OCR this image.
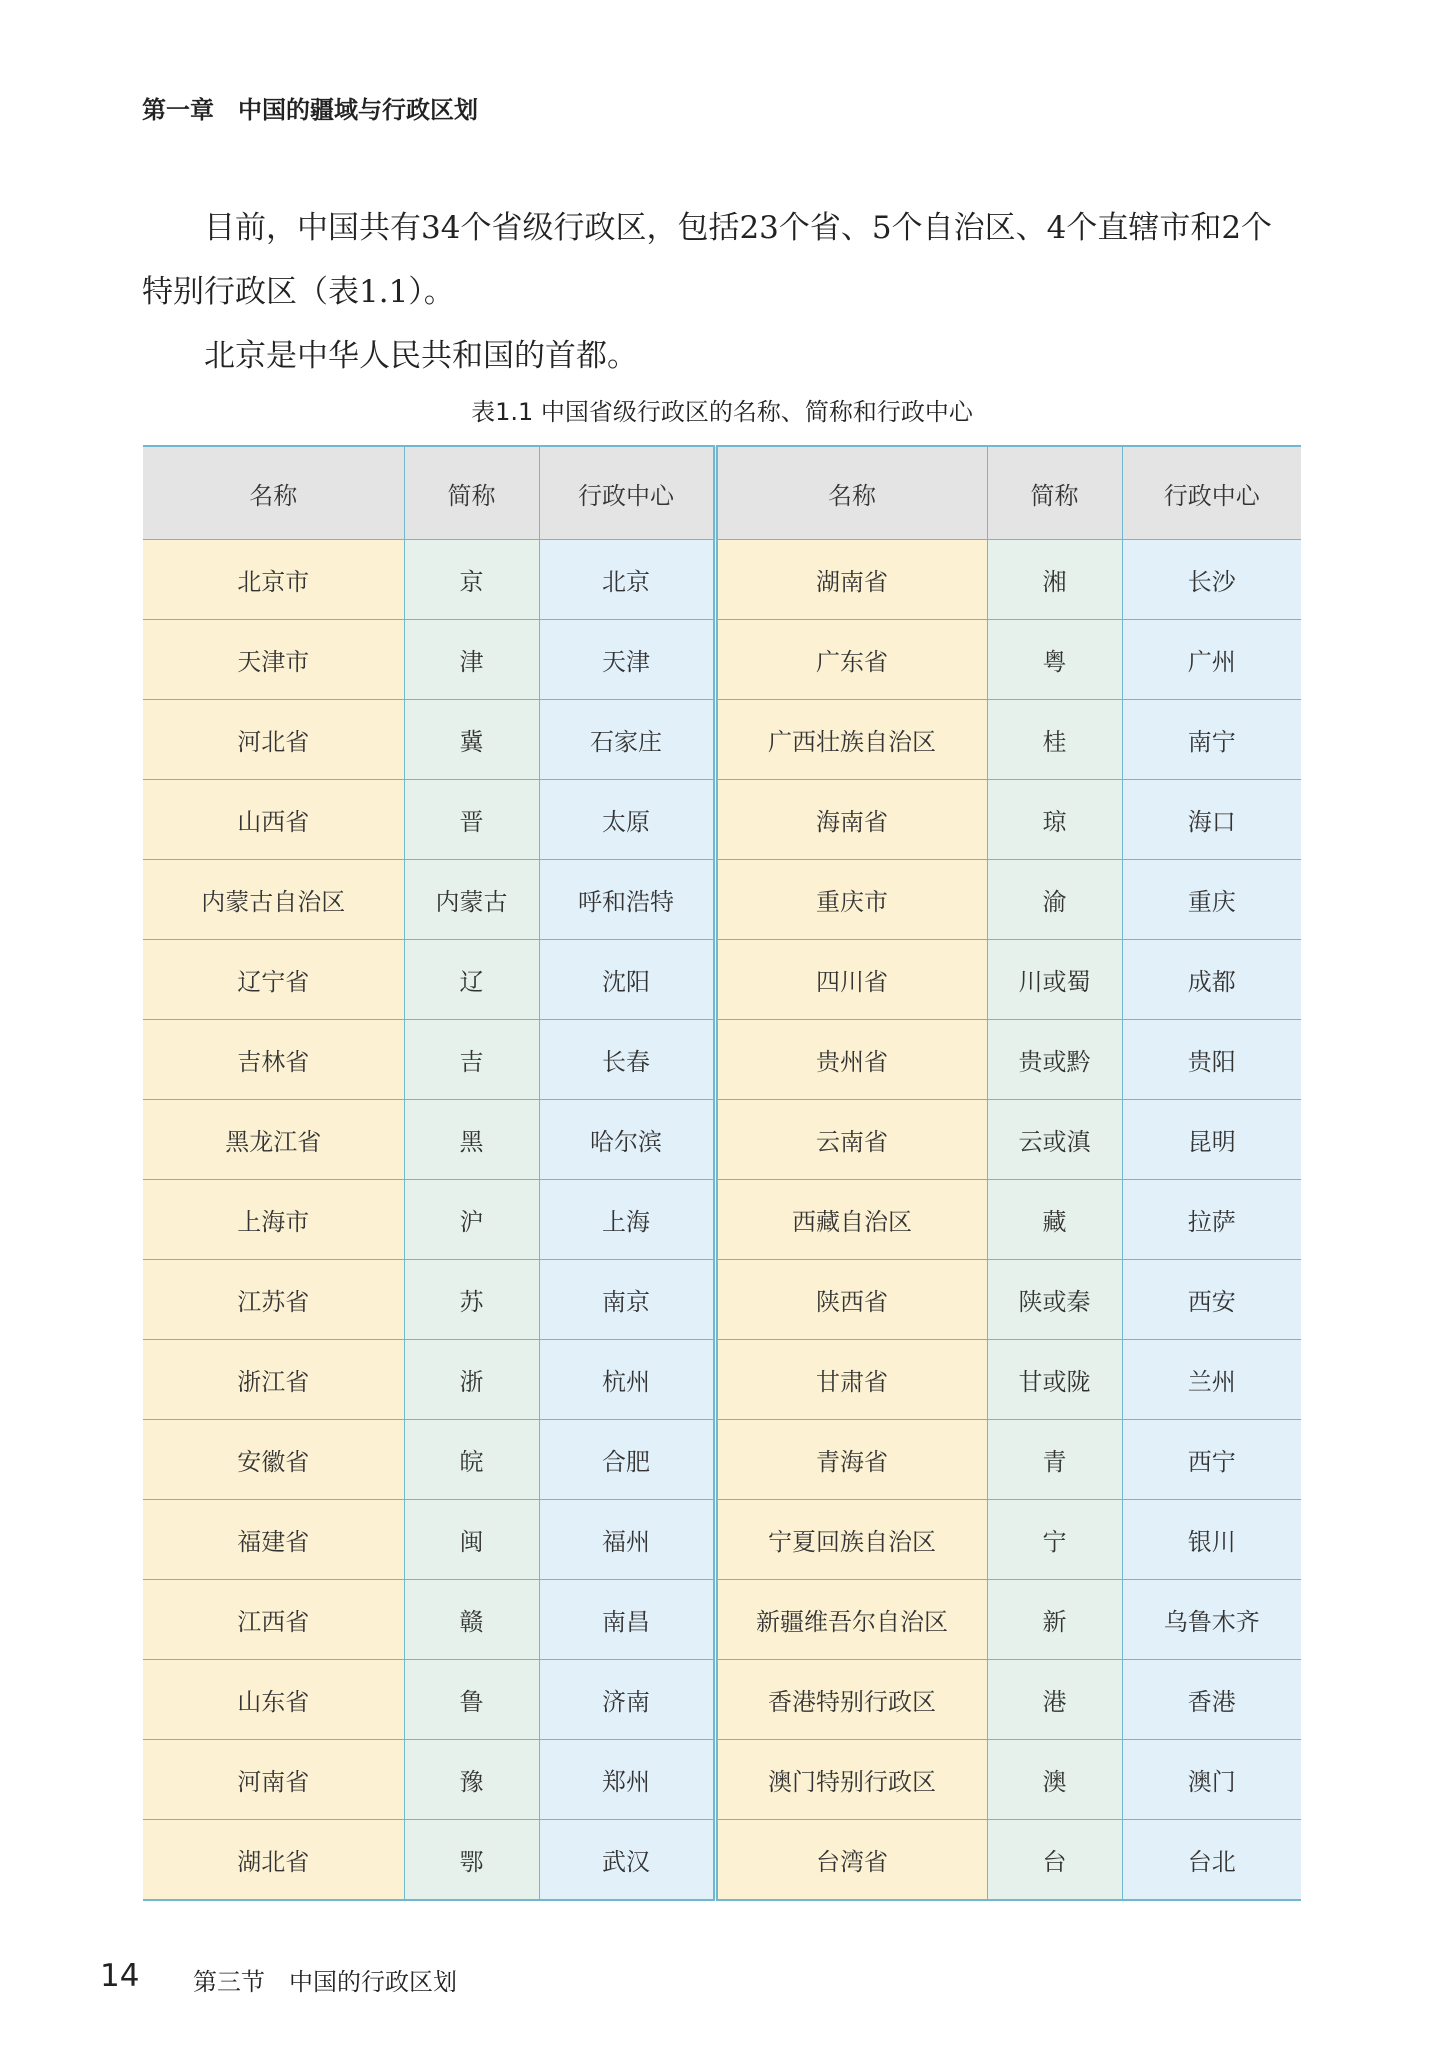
第一章　中国的疆域与行政区划

目前，中国共有34个省级行政区，包括23个省、5个自治区、4个直辖市和2个特别行政区（表1.1）。

北京是中华人民共和国的首都。

表1.1 中国省级行政区的名称、简称和行政中心
名称	简称	行政中心	名称	简称	行政中心
北京市	京	北京	湖南省	湘	长沙
天津市	津	天津	广东省	粤	广州
河北省	冀	石家庄	广西壮族自治区	桂	南宁
山西省	晋	太原	海南省	琼	海口
内蒙古自治区	内蒙古	呼和浩特	重庆市	渝	重庆
辽宁省	辽	沈阳	四川省	川或蜀	成都
吉林省	吉	长春	贵州省	贵或黔	贵阳
黑龙江省	黑	哈尔滨	云南省	云或滇	昆明
上海市	沪	上海	西藏自治区	藏	拉萨
江苏省	苏	南京	陕西省	陕或秦	西安
浙江省	浙	杭州	甘肃省	甘或陇	兰州
安徽省	皖	合肥	青海省	青	西宁
福建省	闽	福州	宁夏回族自治区	宁	银川
江西省	赣	南昌	新疆维吾尔自治区	新	乌鲁木齐
山东省	鲁	济南	香港特别行政区	港	香港
河南省	豫	郑州	澳门特别行政区	澳	澳门
湖北省	鄂	武汉	台湾省	台	台北
14 第三节　中国的行政区划
